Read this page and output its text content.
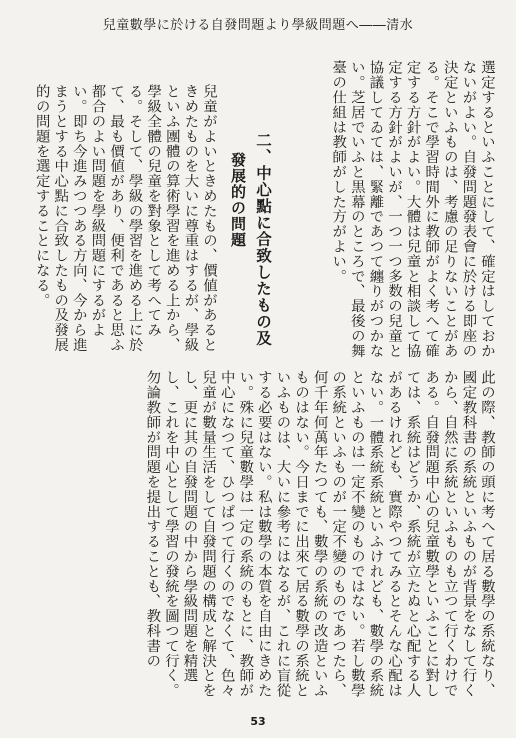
兒童數學に於ける自發問題より學級問題へ――清水
選定するといふことにして、確定はしておかないがよい。自發問題發表會に於ける即座の決定といふものは、考慮の足りないことがある。そこで學習時間外に教師がよく考へて確定する方針がよい。大體は兒童と相談して協定する方針がよいが、一つ一つ多数の兒童と協議してゐては、緊離であつて纏りがつかない。芝居でいふと黒幕のところで、最後の舞臺の仕組は教師がした方がよい。
二、中心點に合致したもの及
發展的の問題
兒童がよいときめたもの、價値があるときめたものを大いに尊重はするが、學級といふ團體の算術學習を進める上から、學級全體の兒童を對象として考へてみる。そして、學級の學習を進める上に於て、最も價値があり、便利であると思ふ都合のよい問題を學級問題にするがよい。即ち今進みつつある方向、今から進まうとする中心點に合致したもの及發展的の問題を選定することになる。
此の際、教師の頭に考へて居る數學の系統なり、國定教科書の系統といふものが背景をなして行くから、自然に系統といふものも立つて行くわけである。自發問題中心の兒童數學といふことに對しては、系統はどうか、系統が立たぬと心配する人があるけれども、實際やつてみるとそんな心配はない。一體系統系統といふけれども、數學の系統といふものは一定不變のものではない。若し數學の系統といふものが一定不變のものであつたら、何千年何萬年たつても、數學の系統の改造といふものはない。今日までに出來て居る數學の系統といふものは、大いに參考にはなるが、これに盲從する必要はない。私は數學の本質を自由にきめたい。殊に兒童數學は一定の系統のもとに、教師が中心になつて、ひつぱつて行くのでなくて、色々兒童が數量生活をして自發問題の構成と解決とをし、更に其の自發問題の中から學級問題を精選し、これを中心として學習の發統を圖つて行く。勿論教師が問題を提出することも、教科書の
53
